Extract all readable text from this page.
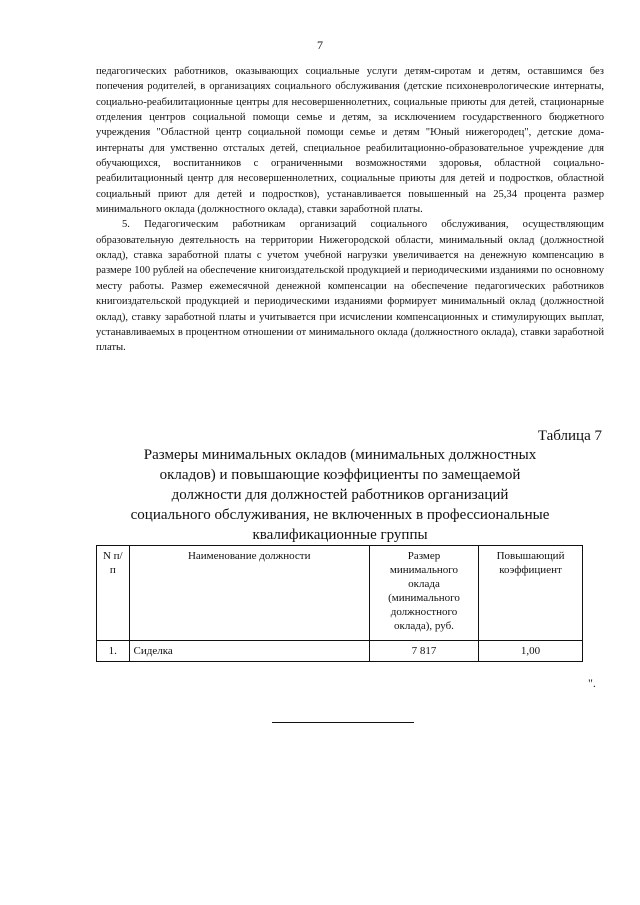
7

педагогических работников, оказывающих социальные услуги детям-сиротам и детям, оставшимся без попечения родителей, в организациях социального обслуживания (детские психоневрологические интернаты, социально-реабилитационные центры для несовершеннолетних, социальные приюты для детей, стационарные отделения центров социальной помощи семье и детям, за исключением государственного бюджетного учреждения "Областной центр социальной помощи семье и детям "Юный нижегородец", детские дома-интернаты для умственно отсталых детей, специальное реабилитационно-образовательное учреждение для обучающихся, воспитанников с ограниченными возможностями здоровья, областной социально-реабилитационный центр для несовершеннолетних, социальные приюты для детей и подростков, областной социальный приют для детей и подростков), устанавливается повышенный на 25,34 процента размер минимального оклада (должностного оклада), ставки заработной платы.

5. Педагогическим работникам организаций социального обслуживания, осуществляющим образовательную деятельность на территории Нижегородской области, минимальный оклад (должностной оклад), ставка заработной платы с учетом учебной нагрузки увеличивается на денежную компенсацию в размере 100 рублей на обеспечение книгоиздательской продукцией и периодическими изданиями по основному месту работы. Размер ежемесячной денежной компенсации на обеспечение педагогических работников книгоиздательской продукцией и периодическими изданиями формирует минимальный оклад (должностной оклад), ставку заработной платы и учитывается при исчислении компенсационных и стимулирующих выплат, устанавливаемых в процентном отношении от минимального оклада (должностного оклада), ставки заработной платы.

Таблица 7
Размеры минимальных окладов (минимальных должностных окладов) и повышающие коэффициенты по замещаемой должности для должностей работников организаций социального обслуживания, не включенных в профессиональные квалификационные группы
N п/п	Наименование должности	Размер минимального оклада (минимального должностного оклада), руб.	Повышающий коэффициент
1.	Сиделка	7 817	1,00
".
